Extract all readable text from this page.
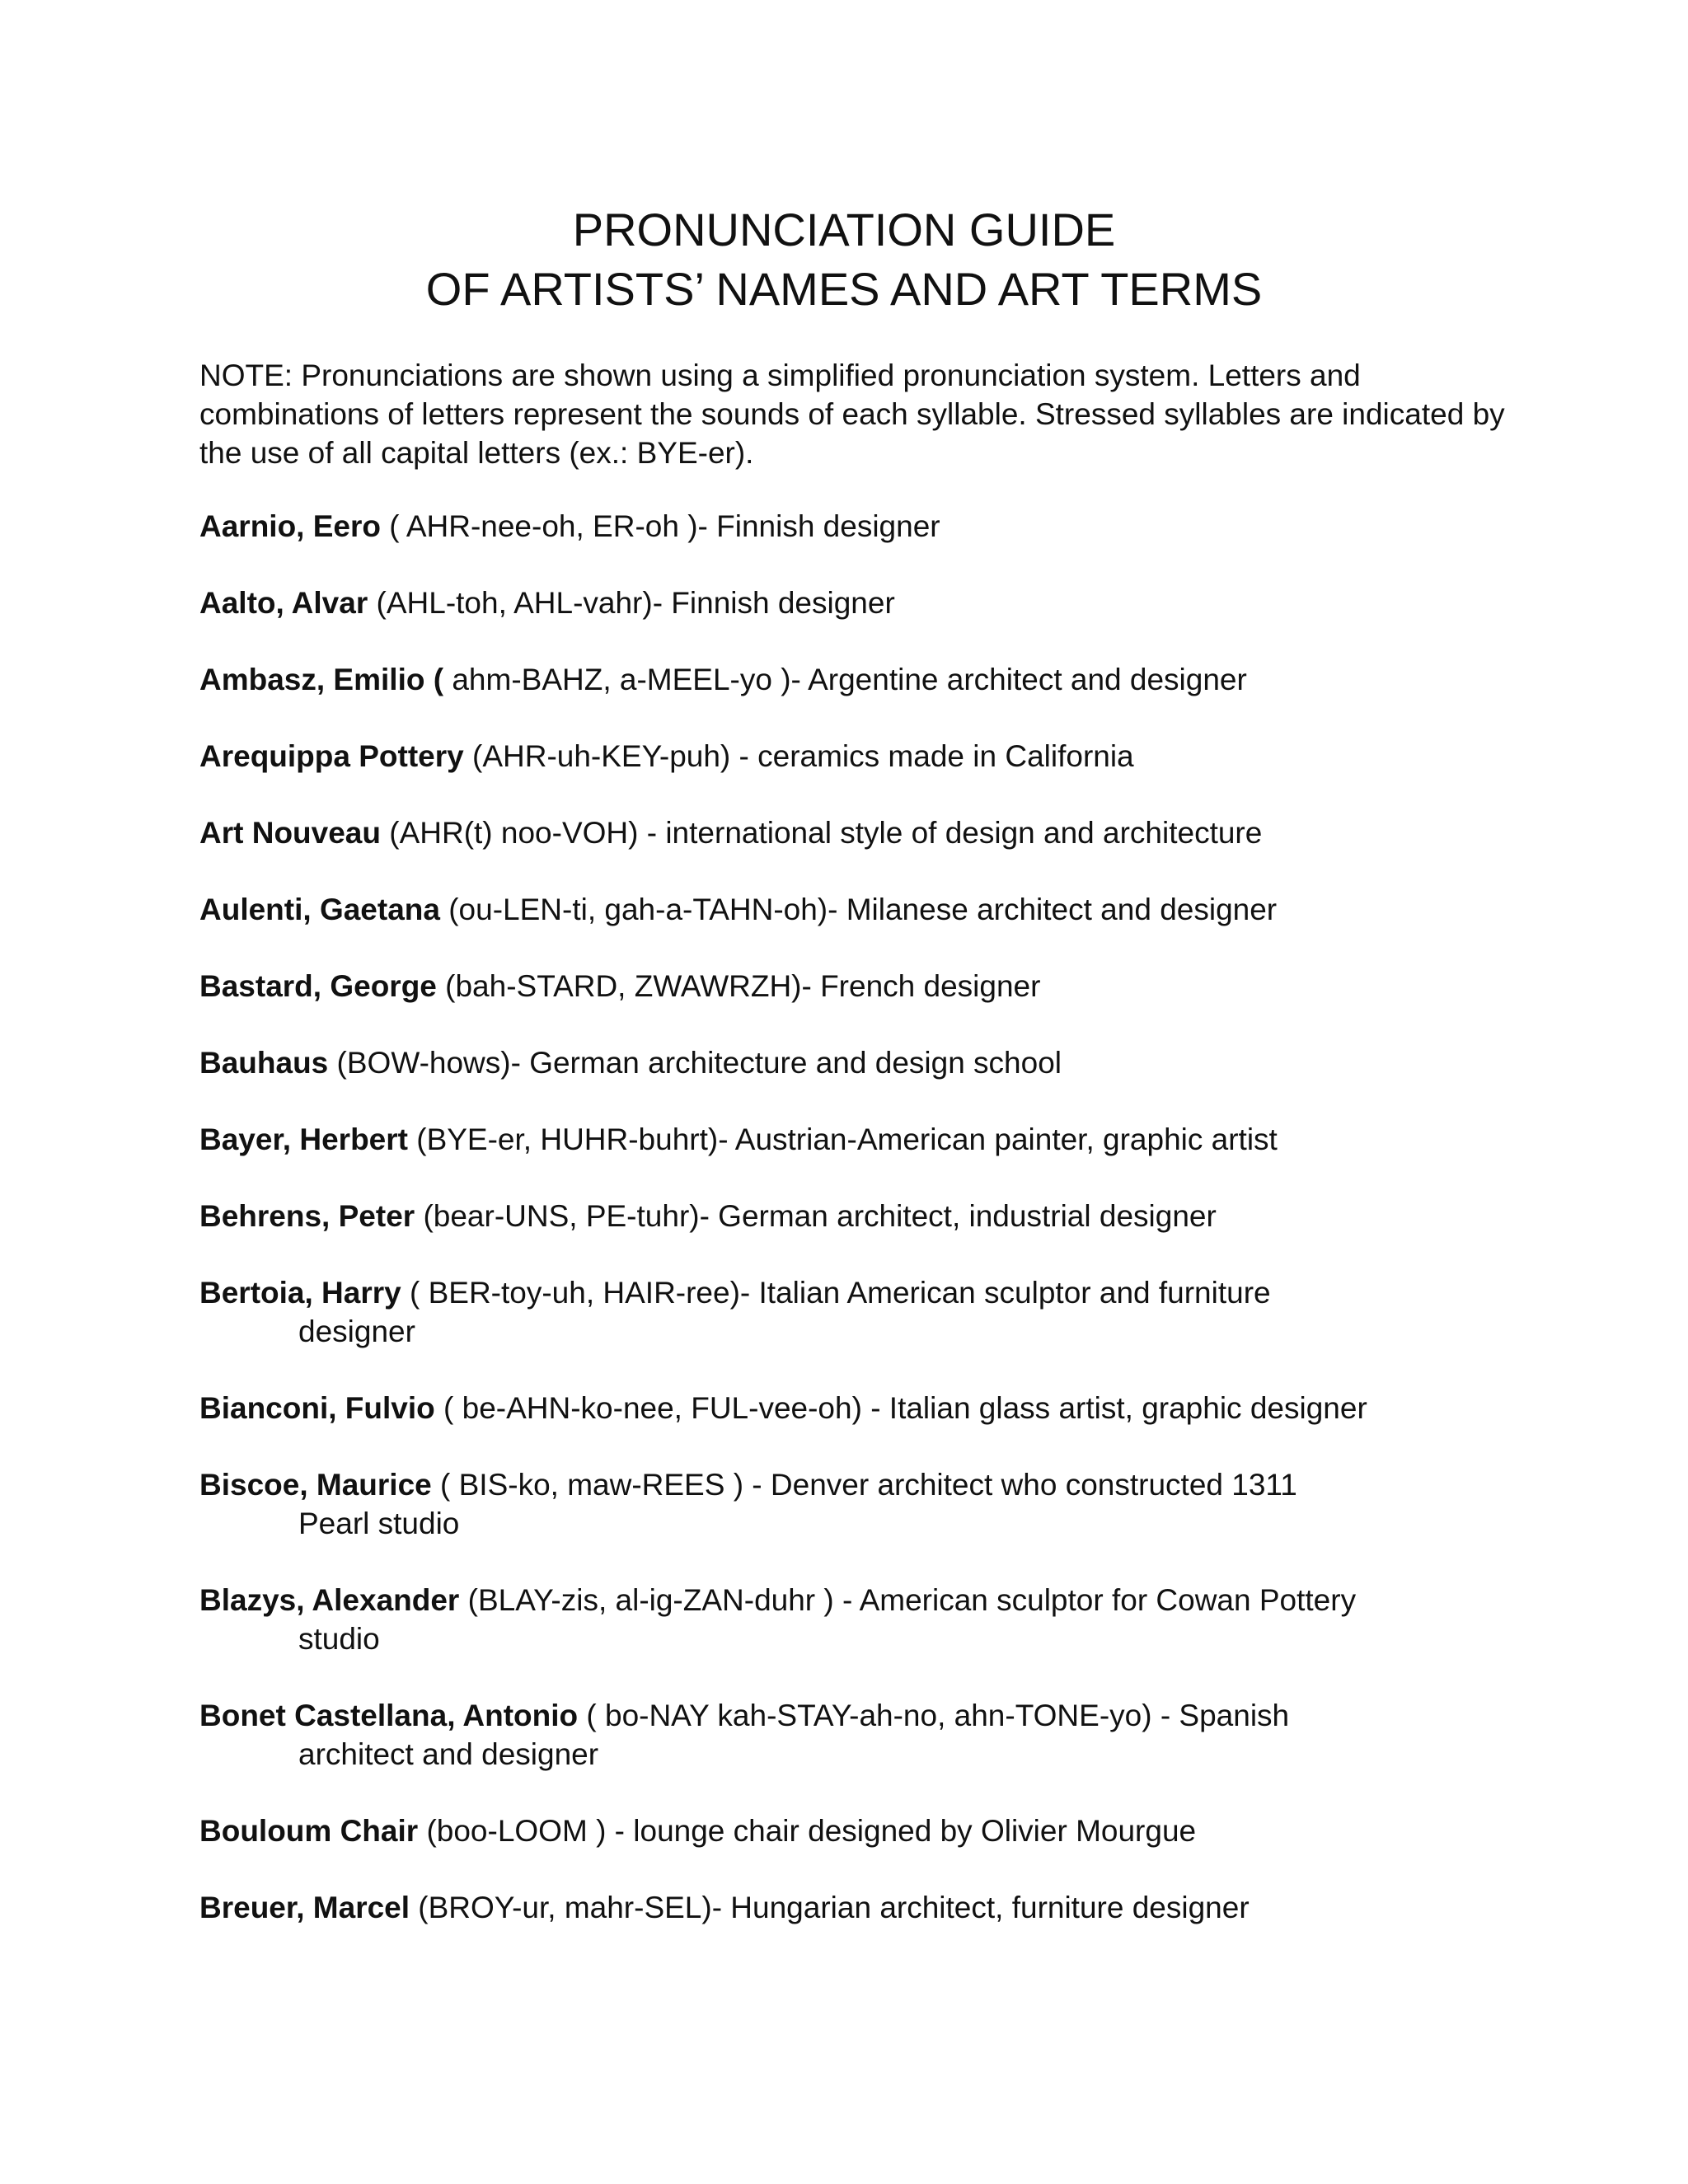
PRONUNCIATION GUIDE
OF ARTISTS’ NAMES AND ART TERMS

NOTE: Pronunciations are shown using a simplified pronunciation system. Letters and combinations of letters represent the sounds of each syllable. Stressed syllables are indicated by the use of all capital letters (ex.: BYE-er).

Aarnio, Eero ( AHR-nee-oh, ER-oh )- Finnish designer

Aalto, Alvar (AHL-toh, AHL-vahr)- Finnish designer

Ambasz, Emilio ( ahm-BAHZ, a-MEEL-yo )- Argentine architect and designer

Arequippa Pottery (AHR-uh-KEY-puh) - ceramics made in California

Art Nouveau (AHR(t) noo-VOH) - international style of design and architecture

Aulenti, Gaetana (ou-LEN-ti, gah-a-TAHN-oh)- Milanese architect and designer

Bastard, George (bah-STARD, ZWAWRZH)- French designer

Bauhaus (BOW-hows)- German architecture and design school

Bayer, Herbert (BYE-er, HUHR-buhrt)- Austrian-American painter, graphic artist

Behrens, Peter (bear-UNS, PE-tuhr)- German architect, industrial designer

Bertoia, Harry ( BER-toy-uh, HAIR-ree)- Italian American sculptor and furniture
designer

Bianconi, Fulvio ( be-AHN-ko-nee, FUL-vee-oh) - Italian glass artist, graphic designer

Biscoe, Maurice ( BIS-ko, maw-REES ) - Denver architect who constructed 1311
Pearl studio

Blazys, Alexander (BLAY-zis, al-ig-ZAN-duhr ) - American sculptor for Cowan Pottery
studio

Bonet Castellana, Antonio ( bo-NAY kah-STAY-ah-no, ahn-TONE-yo) - Spanish
architect and designer

Bouloum Chair (boo-LOOM ) - lounge chair designed by Olivier Mourgue

Breuer, Marcel (BROY-ur, mahr-SEL)- Hungarian architect, furniture designer
